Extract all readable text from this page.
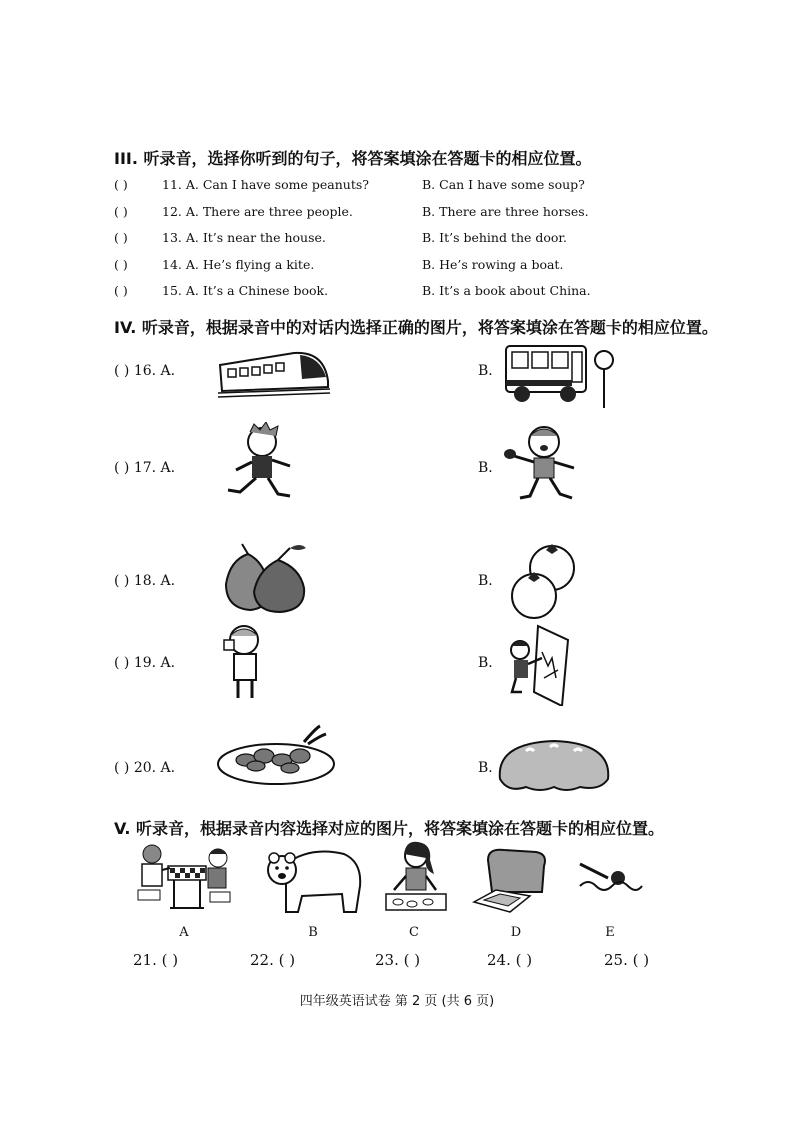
III. 听录音，选择你听到的句子，将答案填涂在答题卡的相应位置。
( )	11. A. Can I have some peanuts?	B. Can I have some soup?
( )	12. A. There are three people.	B. There are three horses.
( )	13. A. It’s near the house.	B. It’s behind the door.
( )	14. A. He’s flying a kite.	B. He’s rowing a boat.
( )	15. A. It’s a Chinese book.	B. It’s a book about China.
IV. 听录音，根据录音中的对话内选择正确的图片，将答案填涂在答题卡的相应位置。
( ) 16. A.	B.
( ) 17. A.	B.
( ) 18. A.	B.
( ) 19. A.	B.
( ) 20. A.	B.
V. 听录音，根据录音内容选择对应的图片，将答案填涂在答题卡的相应位置。
A	B	C	D	E
21. ( )	22. ( )	23. ( )	24. ( )	25. ( )
四年级英语试卷 第 2 页 (共 6 页)
